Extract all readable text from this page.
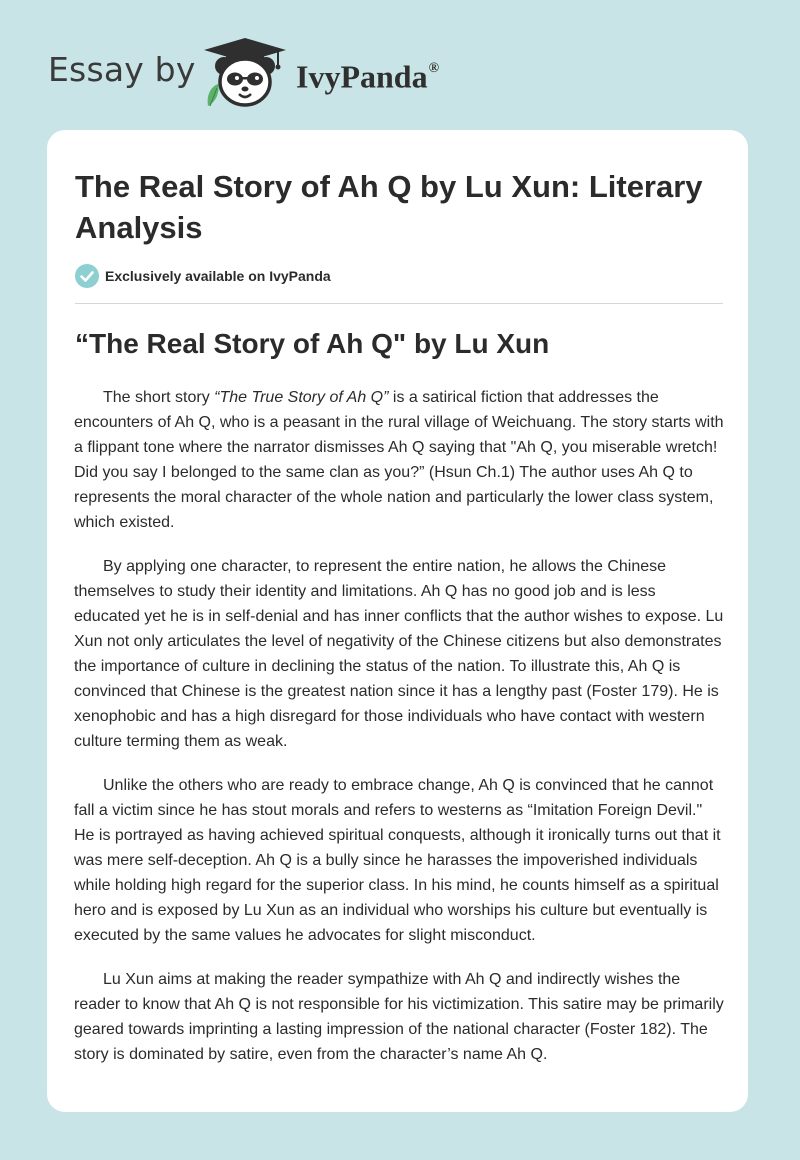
Essay by	IvyPanda®
The Real Story of Ah Q by Lu Xun: Literary Analysis
Exclusively available on IvyPanda
“The Real Story of Ah Q" by Lu Xun

The short story “The True Story of Ah Q” is a satirical fiction that addresses the encounters of Ah Q, who is a peasant in the rural village of Weichuang. The story starts with a flippant tone where the narrator dismisses Ah Q saying that "Ah Q, you miserable wretch! Did you say I belonged to the same clan as you?” (Hsun Ch.1) The author uses Ah Q to represents the moral character of the whole nation and particularly the lower class system, which existed.

By applying one character, to represent the entire nation, he allows the Chinese themselves to study their identity and limitations. Ah Q has no good job and is less educated yet he is in self-denial and has inner conflicts that the author wishes to expose. Lu Xun not only articulates the level of negativity of the Chinese citizens but also demonstrates the importance of culture in declining the status of the nation. To illustrate this, Ah Q is convinced that Chinese is the greatest nation since it has a lengthy past (Foster 179). He is xenophobic and has a high disregard for those individuals who have contact with western culture terming them as weak.

Unlike the others who are ready to embrace change, Ah Q is convinced that he cannot fall a victim since he has stout morals and refers to westerns as “Imitation Foreign Devil." He is portrayed as having achieved spiritual conquests, although it ironically turns out that it was mere self-deception. Ah Q is a bully since he harasses the impoverished individuals while holding high regard for the superior class. In his mind, he counts himself as a spiritual hero and is exposed by Lu Xun as an individual who worships his culture but eventually is executed by the same values he advocates for slight misconduct.

Lu Xun aims at making the reader sympathize with Ah Q and indirectly wishes the reader to know that Ah Q is not responsible for his victimization. This satire may be primarily geared towards imprinting a lasting impression of the national character (Foster 182). The story is dominated by satire, even from the character’s name Ah Q.
